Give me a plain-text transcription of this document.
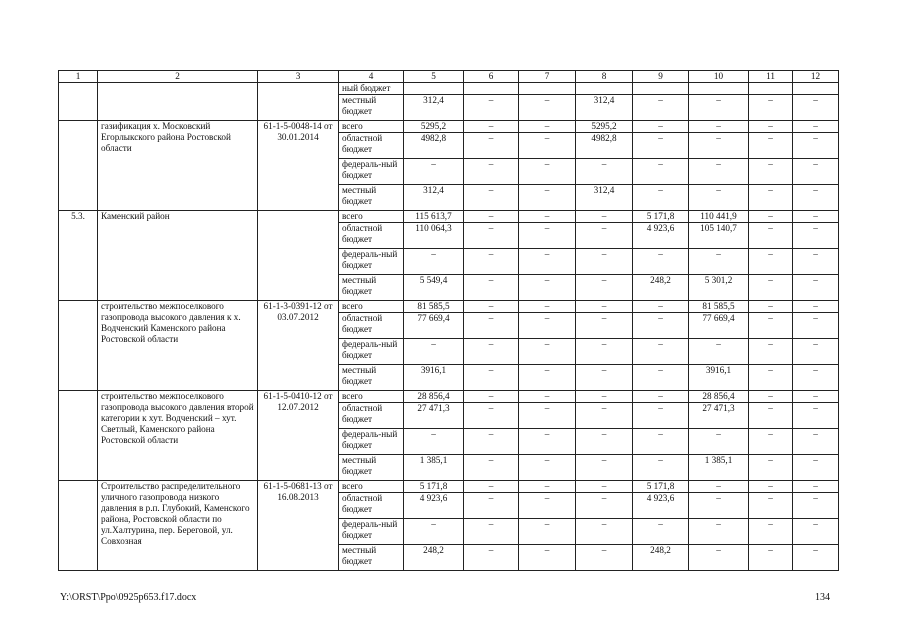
1	2	3	4	5	6	7	8	9	10	11	12
			ный бюджет								
			местный бюджет	312,4	–	–	312,4	–	–	–	–
	газификация х. Московский Егорлыкского района Ростовской области	61-1-5-0048-14 от 30.01.2014	всего	5295,2	–	–	5295,2	–	–	–	–
			областной бюджет	4982,8	–	–	4982,8	–	–	–	–
			федераль-ный бюджет	–	–	–	–	–	–	–	–
			местный бюджет	312,4	–	–	312,4	–	–	–	–
5.3.	Каменский район		всего	115 613,7	–	–	–	5 171,8	110 441,9	–	–
			областной бюджет	110 064,3	–	–	–	4 923,6	105 140,7	–	–
			федераль-ный бюджет	–	–	–	–	–	–	–	–
			местный бюджет	5 549,4	–	–	–	248,2	5 301,2	–	–
	строительство межпоселкового газопровода высокого давления к х. Водченский Каменского района Ростовской области	61-1-3-0391-12 от 03.07.2012	всего	81 585,5	–	–	–	–	81 585,5	–	–
			областной бюджет	77 669,4	–	–	–	–	77 669,4	–	–
			федераль-ный бюджет	–	–	–	–	–	–	–	–
			местный бюджет	3916,1	–	–	–	–	3916,1	–	–
	строительство межпоселкового газопровода высокого давления второй категории к хут. Водченский – хут. Светлый, Каменского района Ростовской области	61-1-5-0410-12 от 12.07.2012	всего	28 856,4	–	–	–	–	28 856,4	–	–
			областной бюджет	27 471,3	–	–	–	–	27 471,3	–	–
			федераль-ный бюджет	–	–	–	–	–	–	–	–
			местный бюджет	1 385,1	–	–	–	–	1 385,1	–	–
	Строительство распределительного уличного газопровода низкого давления в р.п. Глубокий, Каменского района, Ростовской области по ул.Халтурина, пер. Береговой, ул. Совхозная	61-1-5-0681-13 от 16.08.2013	всего	5 171,8	–	–	–	5 171,8	–	–	–
			областной бюджет	4 923,6	–	–	–	4 923,6	–	–	–
			федераль-ный бюджет	–	–	–	–	–	–	–	–
			местный бюджет	248,2	–	–	–	248,2	–	–	–
Y:\ORST\Ppo\0925p653.f17.docx	134
